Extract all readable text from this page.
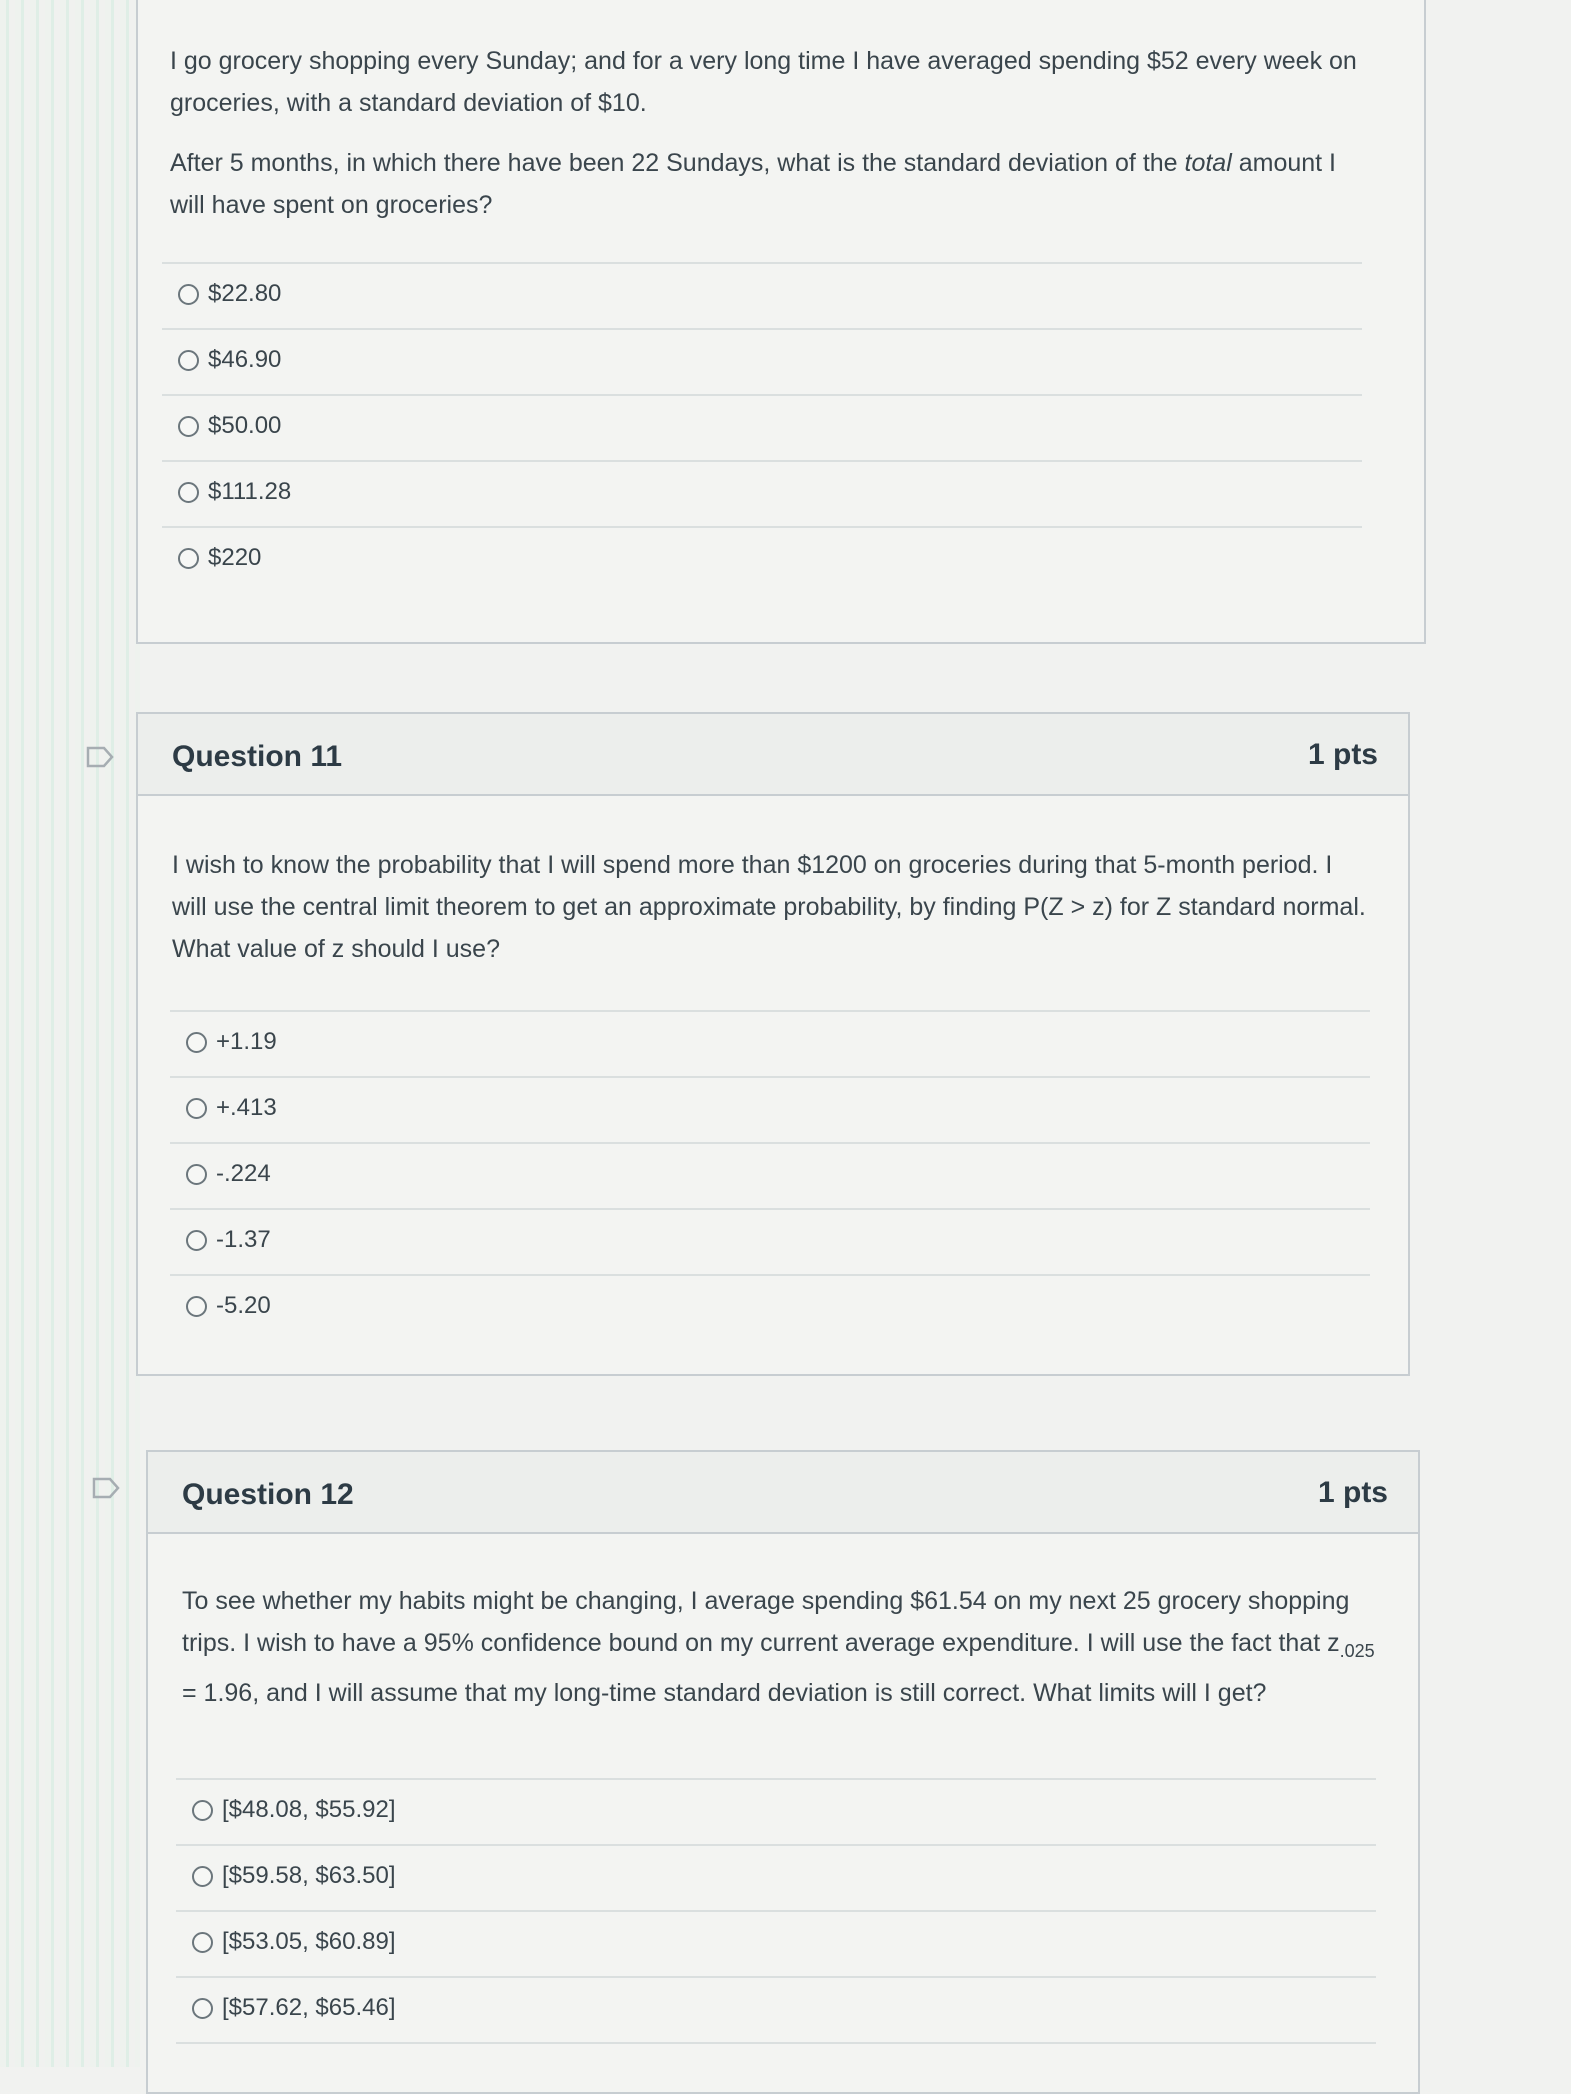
I go grocery shopping every Sunday; and for a very long time I have averaged spending $52 every week on groceries, with a standard deviation of $10.

After 5 months, in which there have been 22 Sundays, what is the standard deviation of the total amount I will have spent on groceries?

$22.80
$46.90
$50.00
$111.28
$220
Question 11	1 pts

I wish to know the probability that I will spend more than $1200 on groceries during that 5-month period. I will use the central limit theorem to get an approximate probability, by finding P(Z > z) for Z standard normal. What value of z should I use?

+1.19
+.413
-.224
-1.37
-5.20
Question 12	1 pts

To see whether my habits might be changing, I average spending $61.54 on my next 25 grocery shopping trips. I wish to have a 95% confidence bound on my current average expenditure. I will use the fact that $z_{.025} = 1.96$, and I will assume that my long-time standard deviation is still correct. What limits will I get?

[$48.08, $55.92]
[$59.58, $63.50]
[$53.05, $60.89]
[$57.62, $65.46]
